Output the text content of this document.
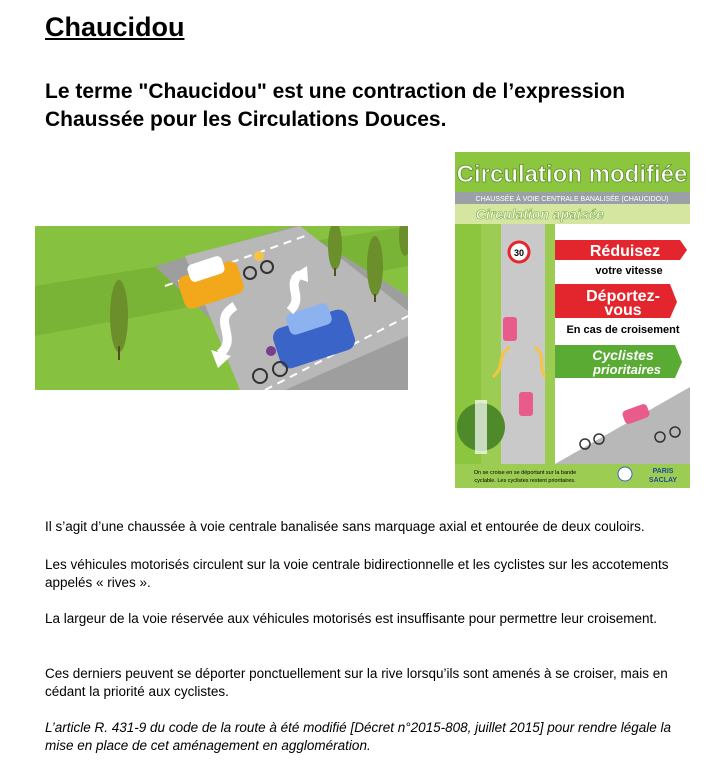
Chaucidou
Le terme "Chaucidou" est une contraction de l’expression Chaussée pour les Circulations Douces.
Circulation modifiée
CHAUSSÉE À VOIE CENTRALE BANALISÉE (CHAUCIDOU)
Circulation apaisée
30	Réduisez
votre vitesse
Déportez-
vous
En cas de croisement
Cyclistes
prioritaires
On se croise en se déportant sur la bande
cyclable. Les cyclistes restent prioritaires.
PARIS
SACLAY

Il s’agit d’une chaussée à voie centrale banalisée sans marquage axial et entourée de deux couloirs.

Les véhicules motorisés circulent sur la voie centrale bidirectionnelle et les cyclistes sur les accotements appelés « rives ».

La largeur de la voie réservée aux véhicules motorisés est insuffisante pour permettre leur croisement.

Ces derniers peuvent se déporter ponctuellement sur la rive lorsqu’ils sont amenés à se croiser, mais en cédant la priorité aux cyclistes.

L’article R. 431-9 du code de la route à été modifié [Décret n°2015-808, juillet 2015] pour rendre légale la mise en place de cet aménagement en agglomération.
